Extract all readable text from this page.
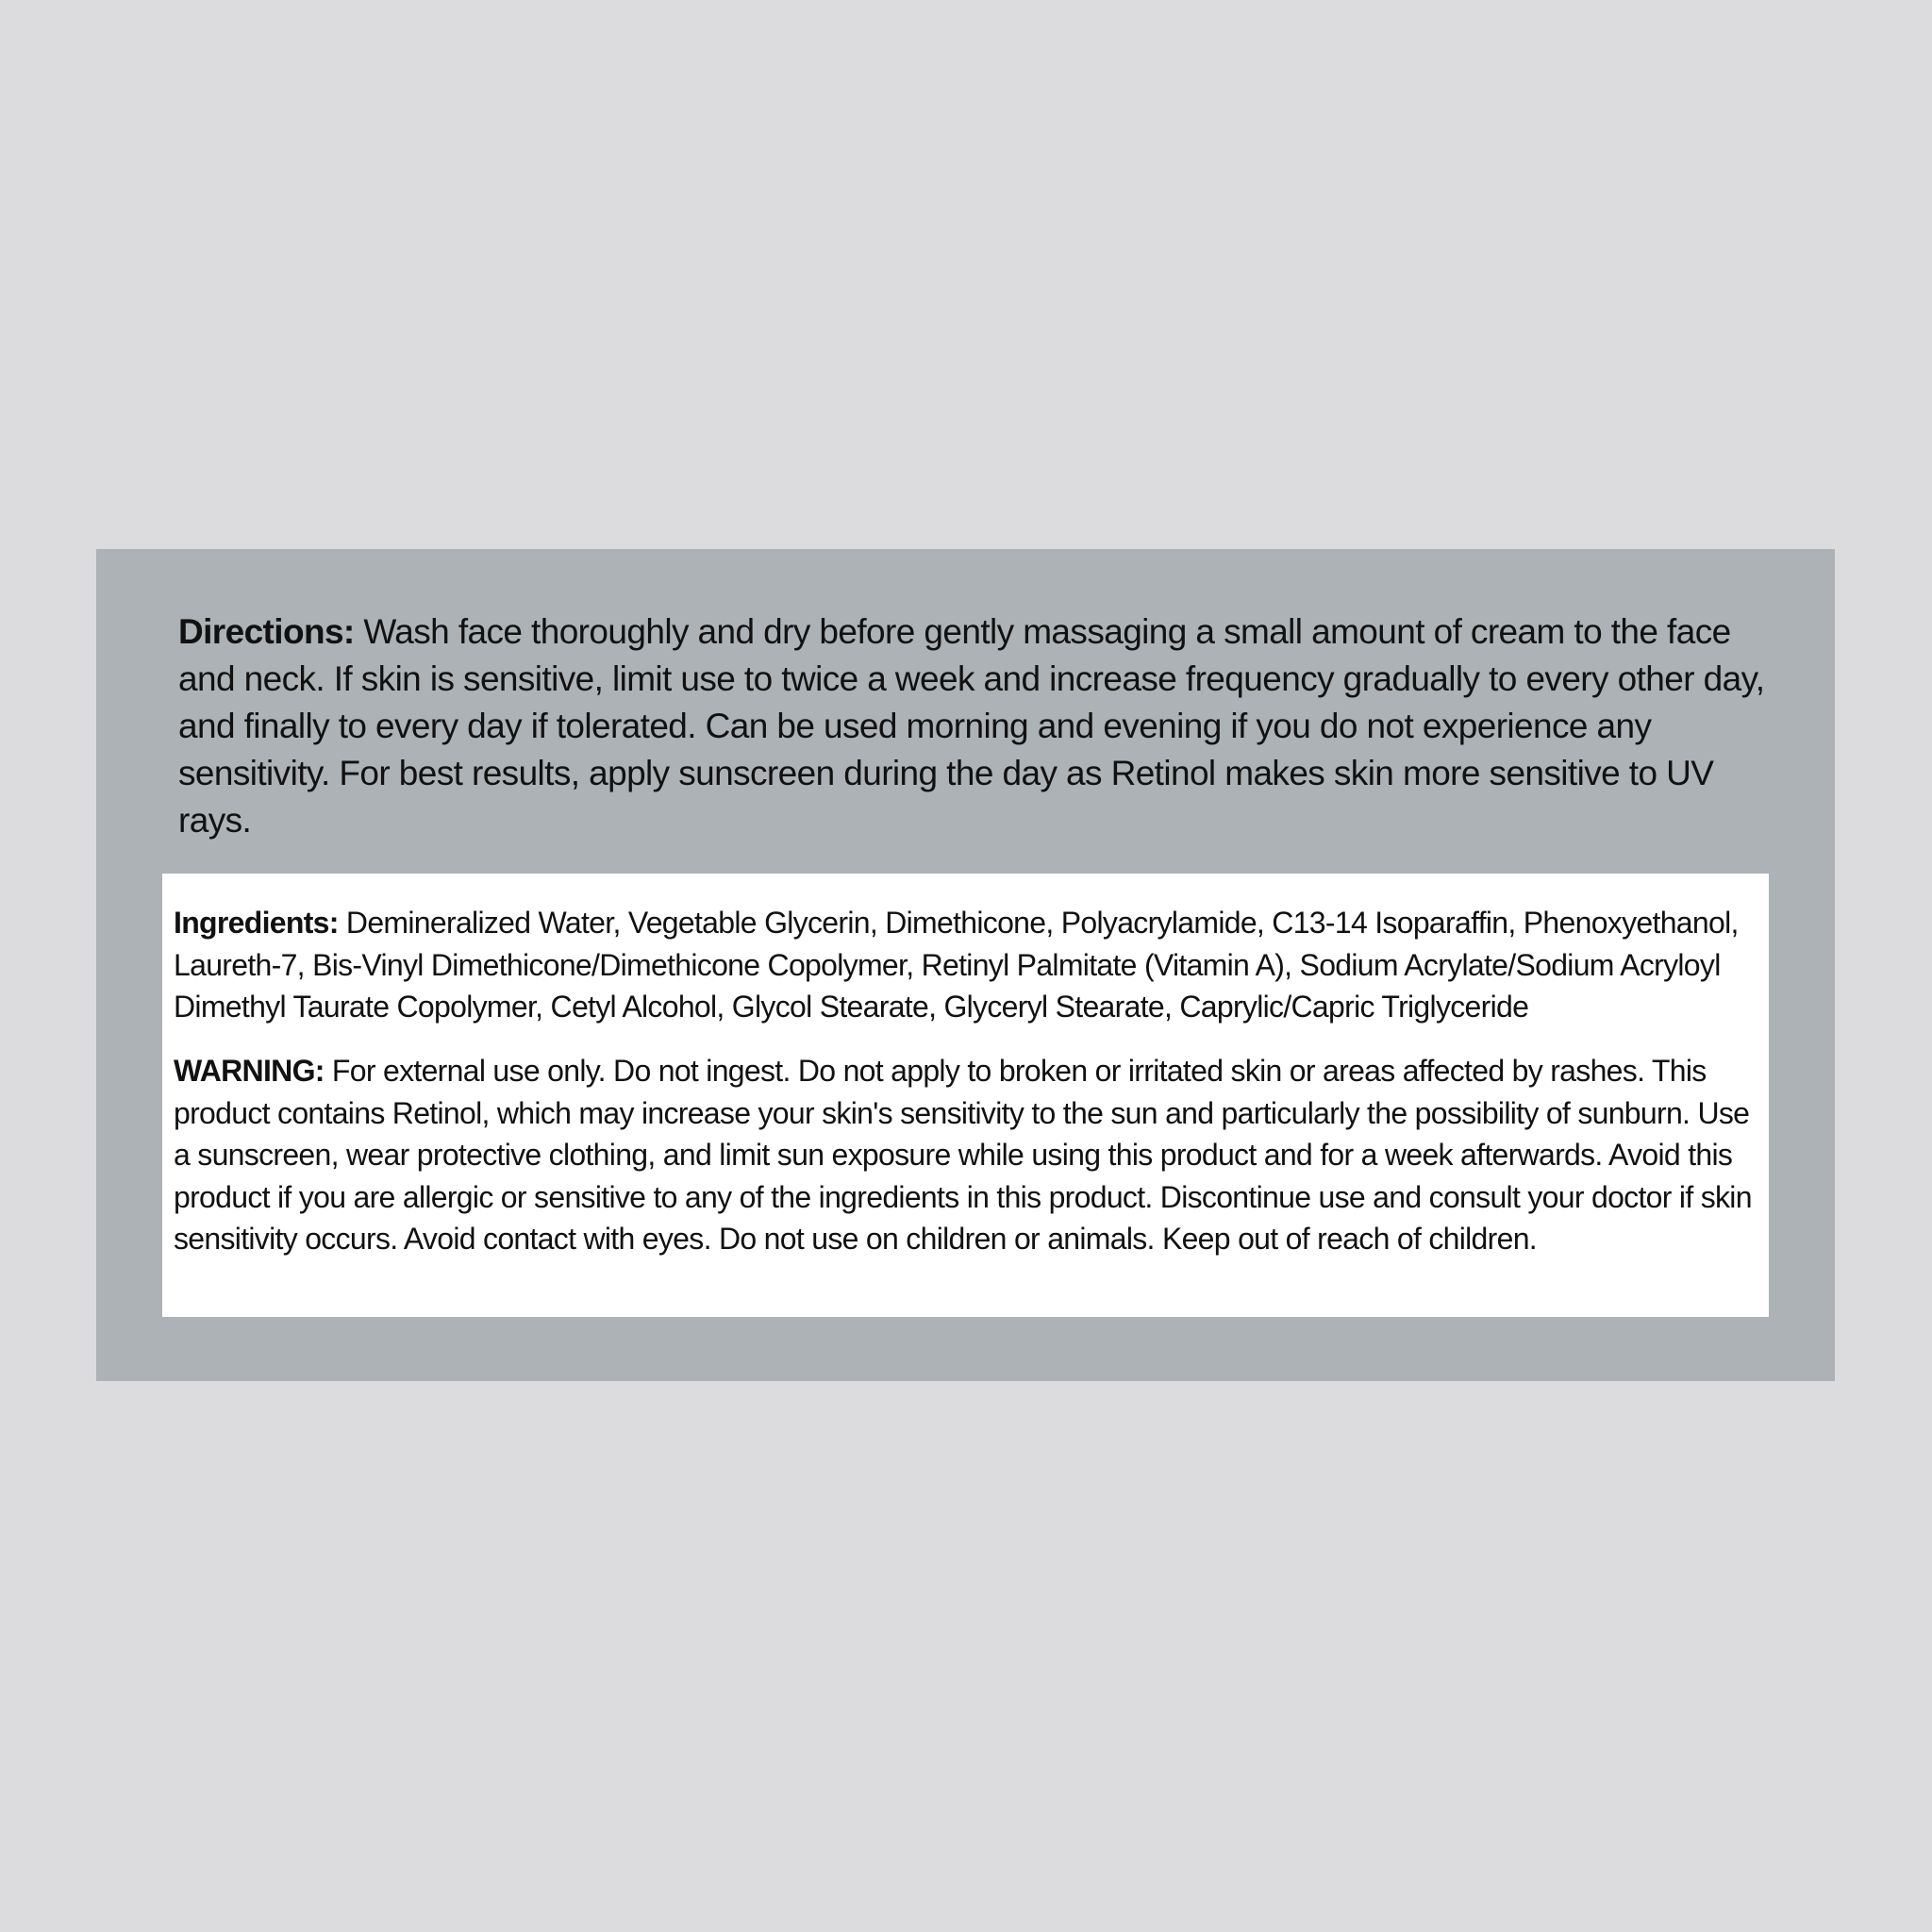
Directions: Wash face thoroughly and dry before gently massaging a small amount of cream to the face and neck. If skin is sensitive, limit use to twice a week and increase frequency gradually to every other day, and finally to every day if tolerated. Can be used morning and evening if you do not experience any sensitivity. For best results, apply sunscreen during the day as Retinol makes skin more sensitive to UV rays.

Ingredients: Demineralized Water, Vegetable Glycerin, Dimethicone, Polyacrylamide, C13-14 Isoparaffin, Phenoxyethanol, Laureth-7, Bis-Vinyl Dimethicone/Dimethicone Copolymer, Retinyl Palmitate (Vitamin A), Sodium Acrylate/Sodium Acryloyl Dimethyl Taurate Copolymer, Cetyl Alcohol, Glycol Stearate, Glyceryl Stearate, Caprylic/Capric Triglyceride

WARNING: For external use only. Do not ingest. Do not apply to broken or irritated skin or areas affected by rashes. This product contains Retinol, which may increase your skin's sensitivity to the sun and particularly the possibility of sunburn. Use a sunscreen, wear protective clothing, and limit sun exposure while using this product and for a week afterwards. Avoid this product if you are allergic or sensitive to any of the ingredients in this product. Discontinue use and consult your doctor if skin sensitivity occurs. Avoid contact with eyes. Do not use on children or animals. Keep out of reach of children.
